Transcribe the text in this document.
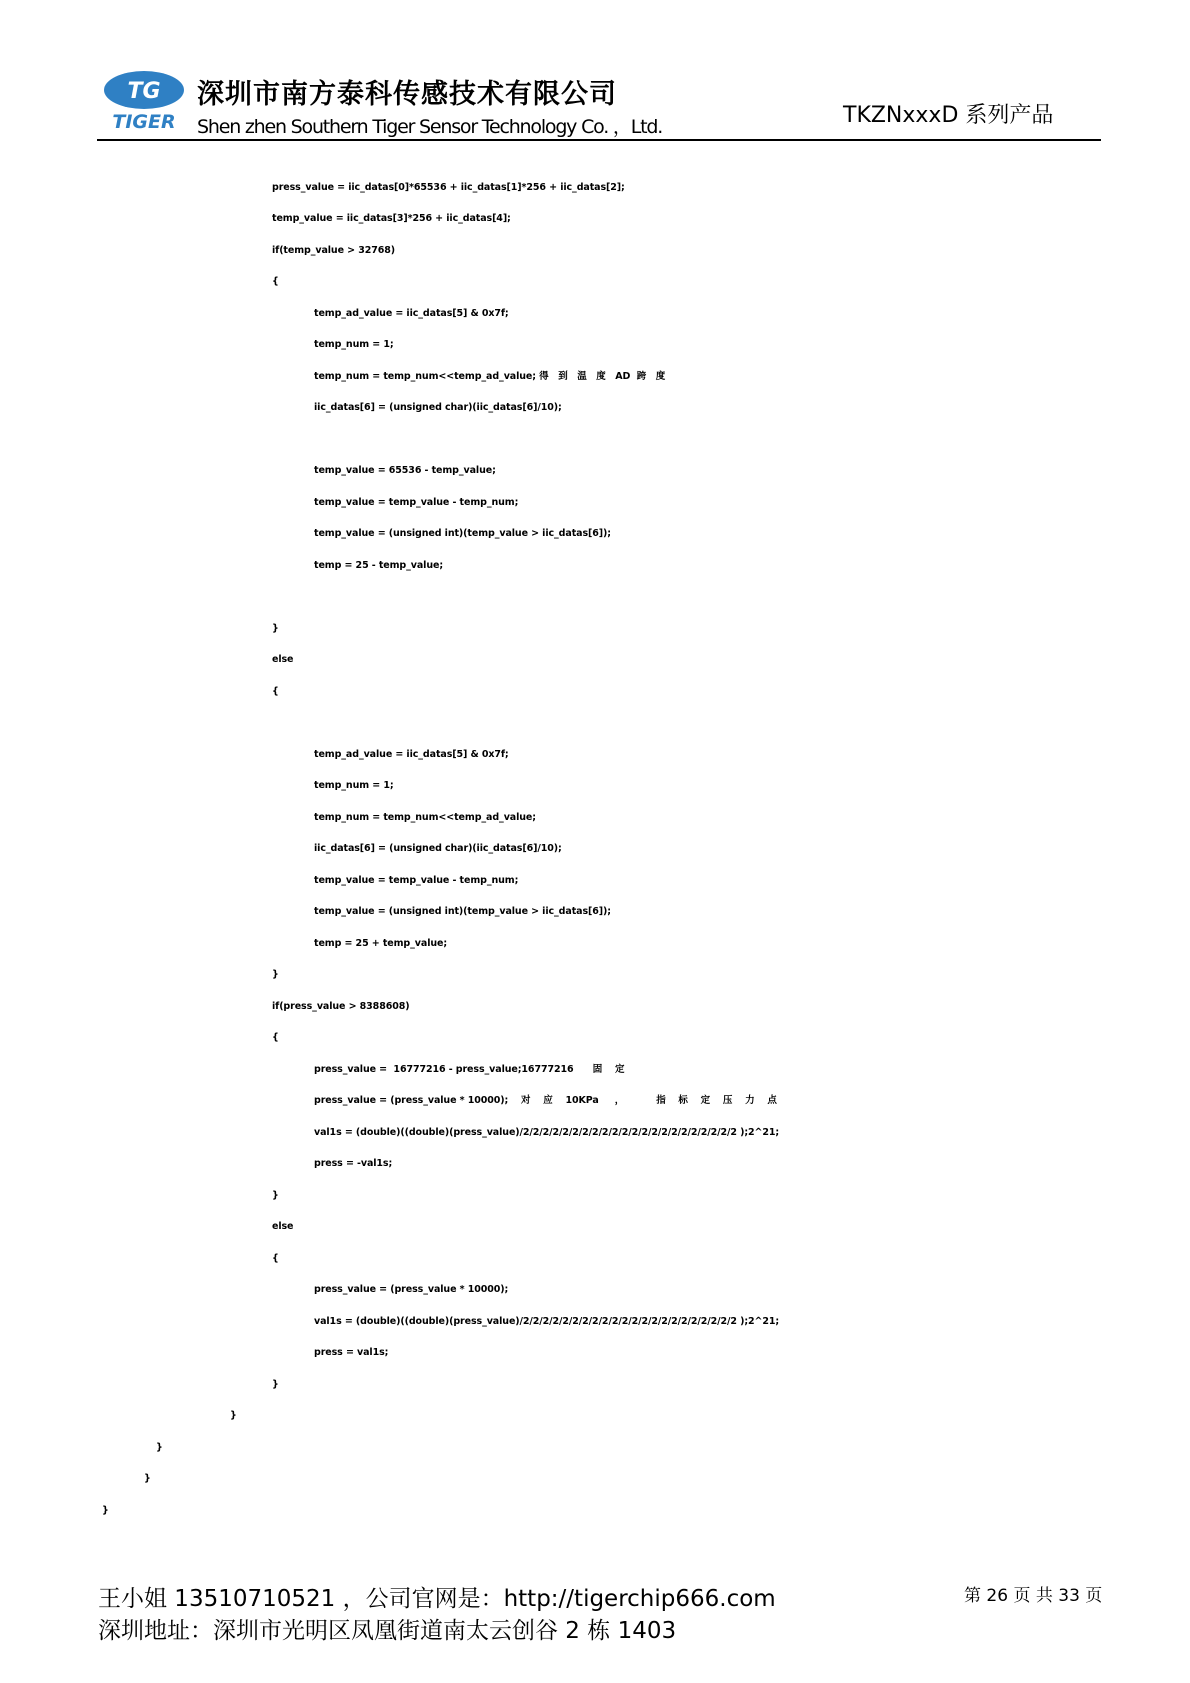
TG
TIGER
深圳市南方泰科传感技术有限公司
Shen zhen Southern Tiger Sensor Technology Co. ，Ltd.	TKZNxxxD 系列产品
press_value = iic_datas[0]*65536 + iic_datas[1]*256 + iic_datas[2];
temp_value = iic_datas[3]*256 + iic_datas[4];
if(temp_value > 32768)
{
temp_ad_value = iic_datas[5] & 0x7f;
temp_num = 1;
temp_num = temp_num<<temp_ad_value; 得   到   温   度   AD  跨   度
iic_datas[6] = (unsigned char)(iic_datas[6]/10);
temp_value = 65536 - temp_value;
temp_value = temp_value - temp_num;
temp_value = (unsigned int)(temp_value > iic_datas[6]);
temp = 25 - temp_value;
}
else
{
temp_ad_value = iic_datas[5] & 0x7f;
temp_num = 1;
temp_num = temp_num<<temp_ad_value;
iic_datas[6] = (unsigned char)(iic_datas[6]/10);
temp_value = temp_value - temp_num;
temp_value = (unsigned int)(temp_value > iic_datas[6]);
temp = 25 + temp_value;
}
if(press_value > 8388608)
{
press_value =  16777216 - press_value;16777216      固    定
press_value = (press_value * 10000);    对    应    10KPa     ，          指    标    定    压    力    点
val1s = (double)((double)(press_value)/2/2/2/2/2/2/2/2/2/2/2/2/2/2/2/2/2/2/2/2/2/2 );2^21;
press = -val1s;
}
else
{
press_value = (press_value * 10000);
val1s = (double)((double)(press_value)/2/2/2/2/2/2/2/2/2/2/2/2/2/2/2/2/2/2/2/2/2/2 );2^21;
press = val1s;
}
}
}
}
}
王小姐 13510710521 ，公司官网是：http://tigerchip666.com
深圳地址：深圳市光明区凤凰街道南太云创谷 2 栋 1403
第 26 页 共 33 页
